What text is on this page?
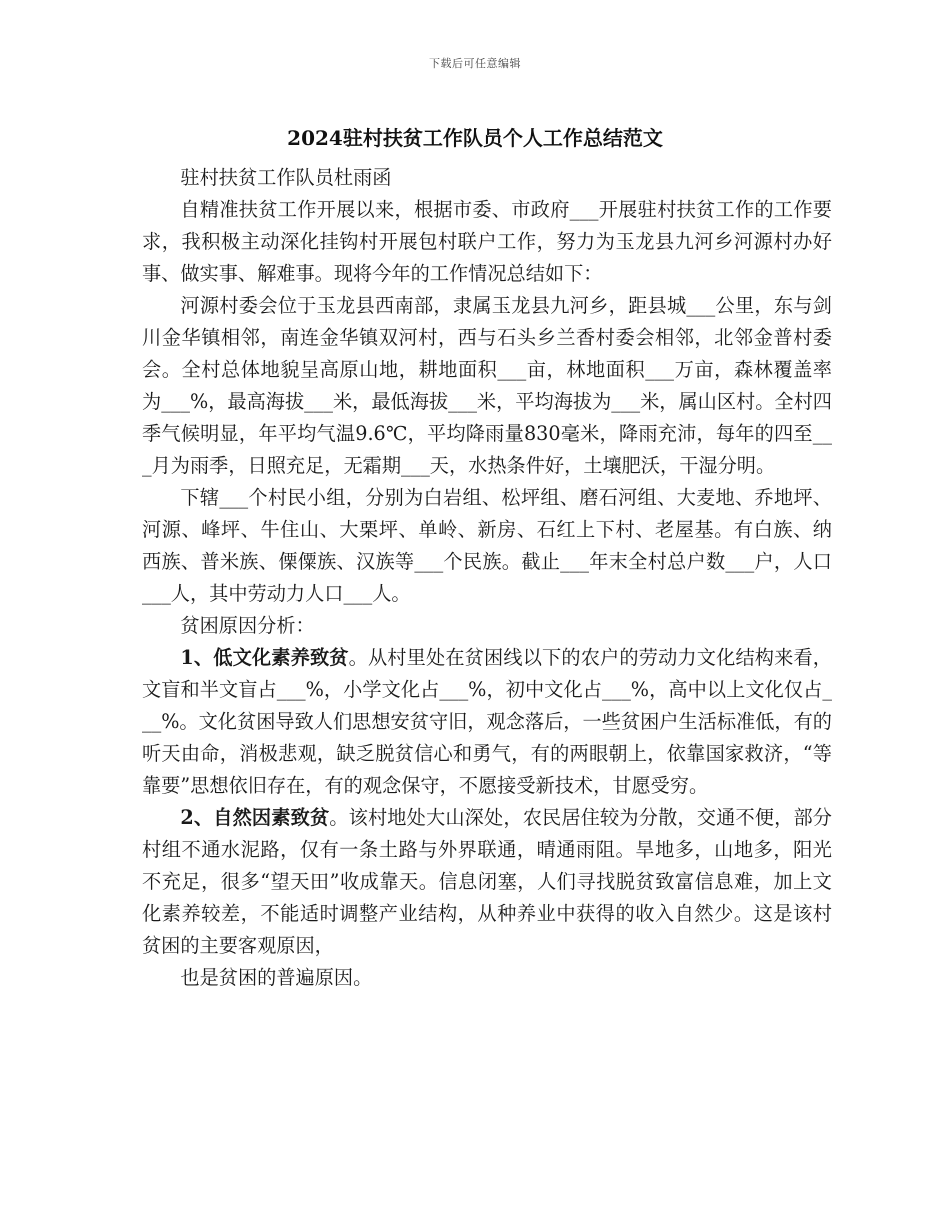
下载后可任意编辑
2024驻村扶贫工作队员个人工作总结范文

驻村扶贫工作队员杜雨函

自精准扶贫工作开展以来，根据市委、市政府___开展驻村扶贫工作的工作要求，我积极主动深化挂钩村开展包村联户工作，努力为玉龙县九河乡河源村办好事、做实事、解难事。现将今年的工作情况总结如下：

河源村委会位于玉龙县西南部，隶属玉龙县九河乡，距县城___公里，东与剑川金华镇相邻，南连金华镇双河村，西与石头乡兰香村委会相邻，北邻金普村委会。全村总体地貌呈高原山地，耕地面积___亩，林地面积___万亩，森林覆盖率为___%，最高海拔___米，最低海拔___米，平均海拔为___米，属山区村。全村四季气候明显，年平均气温9.6℃，平均降雨量830毫米，降雨充沛，每年的四至___月为雨季，日照充足，无霜期___天，水热条件好，土壤肥沃，干湿分明。

下辖___个村民小组，分别为白岩组、松坪组、磨石河组、大麦地、乔地坪、河源、峰坪、牛住山、大栗坪、单岭、新房、石红上下村、老屋基。有白族、纳西族、普米族、傈僳族、汉族等___个民族。截止___年末全村总户数___户，人口___人，其中劳动力人口___人。

贫困原因分析：

1、低文化素养致贫。从村里处在贫困线以下的农户的劳动力文化结构来看，文盲和半文盲占___%，小学文化占___%，初中文化占___%，高中以上文化仅占___%。文化贫困导致人们思想安贫守旧，观念落后，一些贫困户生活标准低，有的听天由命，消极悲观，缺乏脱贫信心和勇气，有的两眼朝上，依靠国家救济，“等靠要”思想依旧存在，有的观念保守，不愿接受新技术，甘愿受穷。

2、自然因素致贫。该村地处大山深处，农民居住较为分散，交通不便，部分村组不通水泥路，仅有一条土路与外界联通，晴通雨阻。旱地多，山地多，阳光不充足，很多“望天田”收成靠天。信息闭塞，人们寻找脱贫致富信息难，加上文化素养较差，不能适时调整产业结构，从种养业中获得的收入自然少。这是该村贫困的主要客观原因，

也是贫困的普遍原因。
